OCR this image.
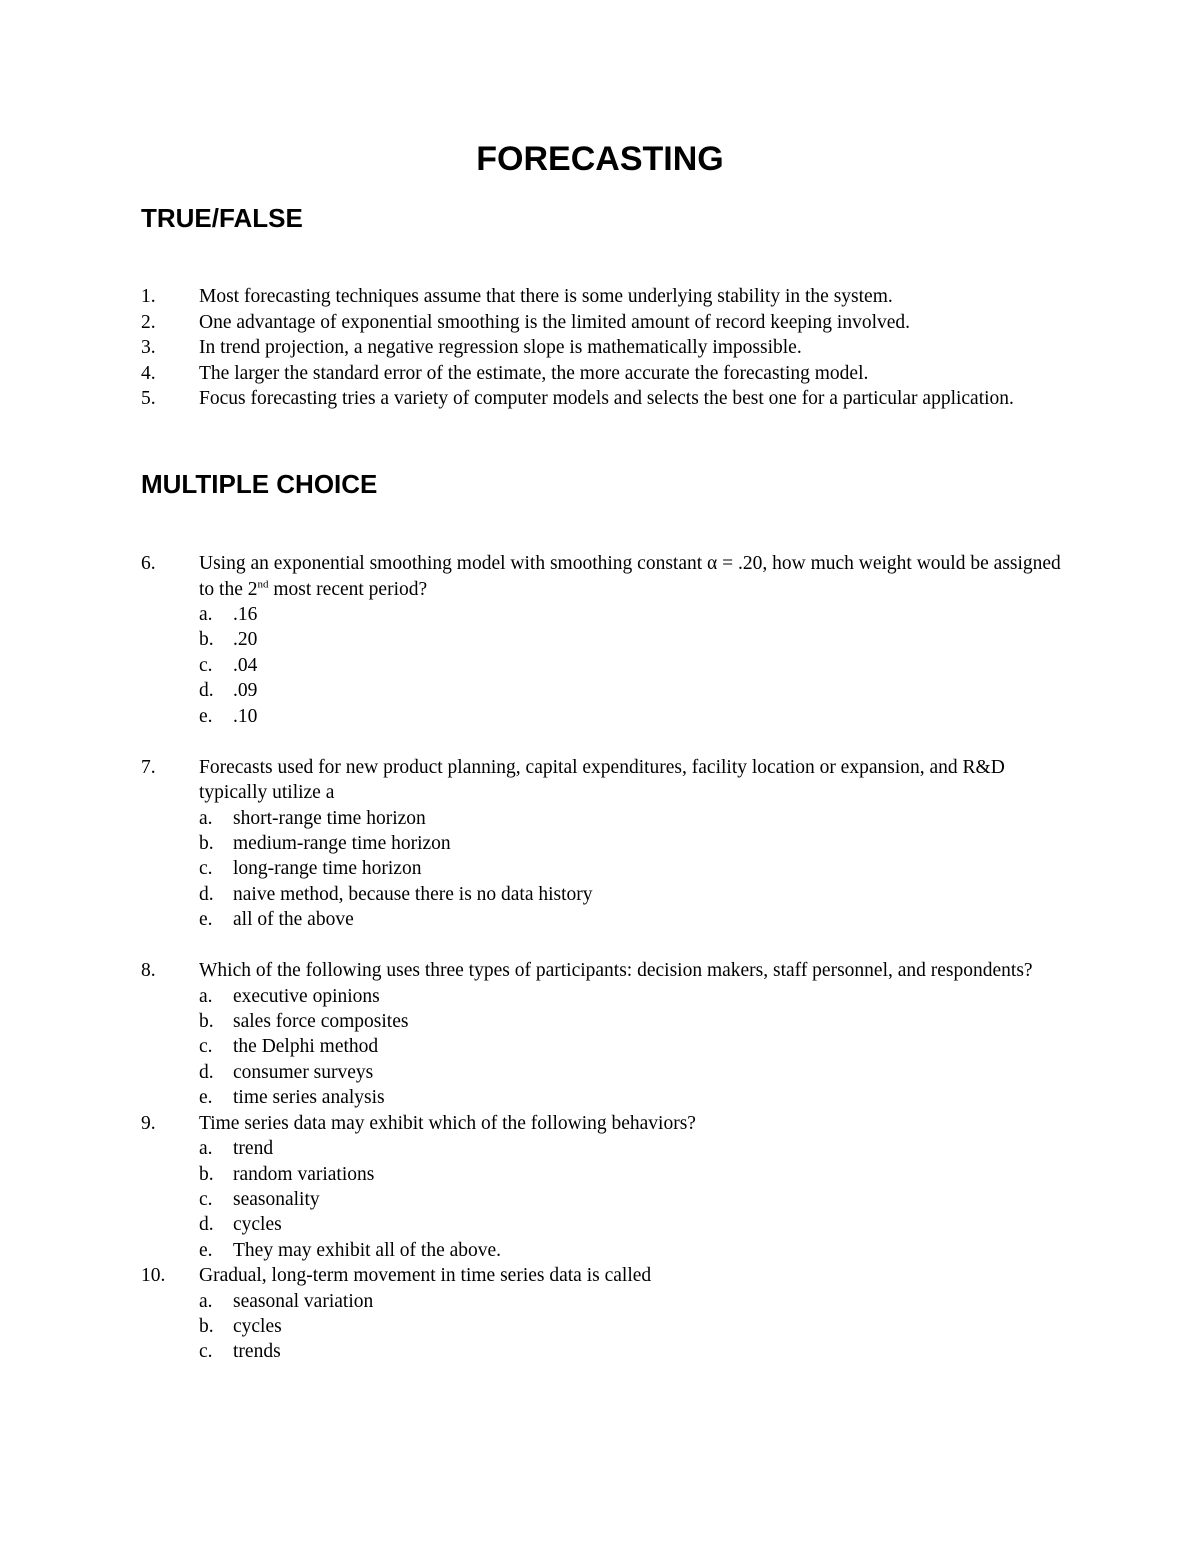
FORECASTING
TRUE/FALSE
1.	Most forecasting techniques assume that there is some underlying stability in the system.
2.	One advantage of exponential smoothing is the limited amount of record keeping involved.
3.	In trend projection, a negative regression slope is mathematically impossible.
4.	The larger the standard error of the estimate, the more accurate the forecasting model.
5.	Focus forecasting tries a variety of computer models and selects the best one for a particular application.
MULTIPLE CHOICE
6.	Using an exponential smoothing model with smoothing constant α = .20, how much weight would be assigned to the 2nd most recent period?
a.	.16
b. .20
c.	.04
d. .09
e.	.10
7.	Forecasts used for new product planning, capital expenditures, facility location or expansion, and R&D typically utilize a
a.	short-range time horizon
b. medium-range time horizon
c.	long-range time horizon
d. naive method, because there is no data history
e.	all of the above
8.	Which of the following uses three types of participants: decision makers, staff personnel, and respondents?
a.	executive opinions
b. sales force composites
c.	the Delphi method
d. consumer surveys
e.	time series analysis
9.	Time series data may exhibit which of the following behaviors?
a.	trend
b. random variations
c.	seasonality
d. cycles
e.	They may exhibit all of the above.
10.	Gradual, long-term movement in time series data is called
a.	seasonal variation
b. cycles
c.	trends
